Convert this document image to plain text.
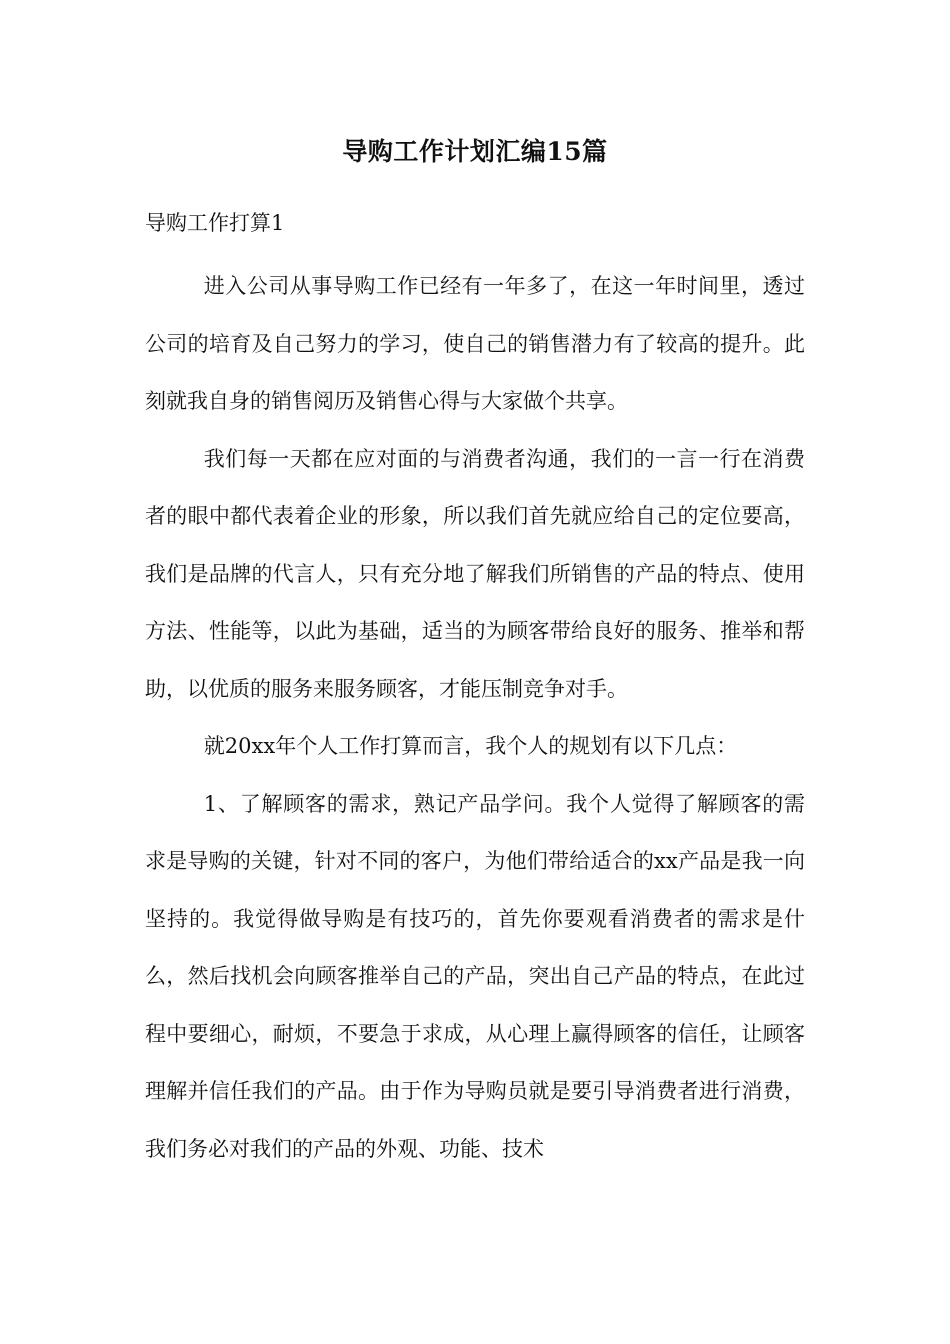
导购工作计划汇编15篇
导购工作打算1

进入公司从事导购工作已经有一年多了，在这一年时间里，透过公司的培育及自己努力的学习，使自己的销售潜力有了较高的提升。此刻就我自身的销售阅历及销售心得与大家做个共享。

我们每一天都在应对面的与消费者沟通，我们的一言一行在消费者的眼中都代表着企业的形象，所以我们首先就应给自己的定位要高，我们是品牌的代言人，只有充分地了解我们所销售的产品的特点、使用方法、性能等，以此为基础，适当的为顾客带给良好的服务、推举和帮助，以优质的服务来服务顾客，才能压制竞争对手。

就20xx年个人工作打算而言，我个人的规划有以下几点：

1、了解顾客的需求，熟记产品学问。我个人觉得了解顾客的需求是导购的关键，针对不同的客户，为他们带给适合的xx产品是我一向坚持的。我觉得做导购是有技巧的，首先你要观看消费者的需求是什么，然后找机会向顾客推举自己的产品，突出自己产品的特点，在此过程中要细心，耐烦，不要急于求成，从心理上赢得顾客的信任，让顾客理解并信任我们的产品。由于作为导购员就是要引导消费者进行消费，我们务必对我们的产品的外观、功能、技术
